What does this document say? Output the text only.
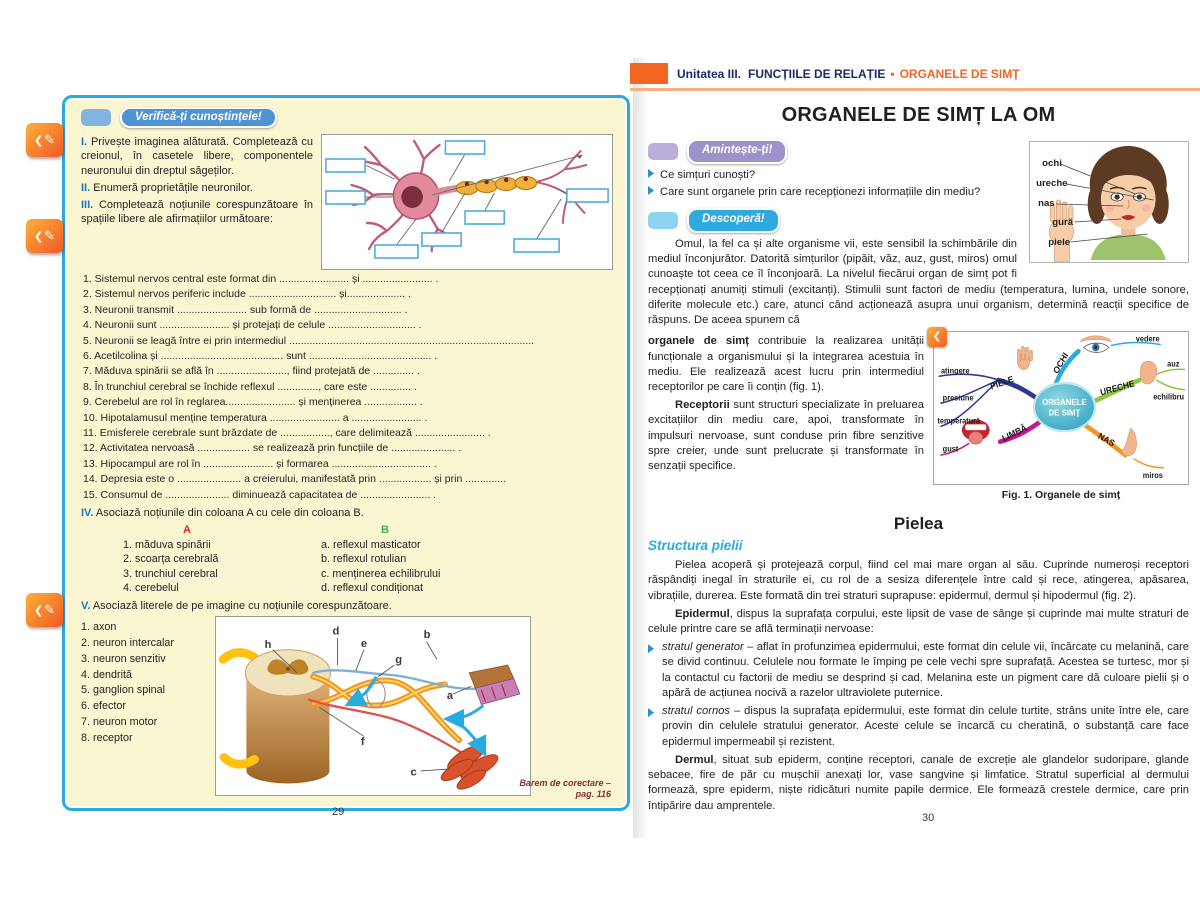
❮ ✎
❮ ✎
❮ ✎
Verifică-ți cunoștințele!

I. Privește imaginea alăturată. Completează cu creionul, în casetele libere, componentele neuronului din dreptul săgeților.

II. Enumeră proprietățile neuronilor.

III. Completează noțiunile corespunzătoare în spațiile libere ale afirmațiilor următoare:

1. Sistemul nervos central este format din ........................ și ........................ .
2. Sistemul nervos periferic include .............................. și.................... .
3. Neuronii transmit ........................ sub formă de .............................. .
4. Neuronii sunt ........................ și protejați de celule .............................. .
5. Neuronii se leagă între ei prin intermediul ....................................................................................
6. Acetilcolina și .......................................... sunt .......................................... .
7. Măduva spinării se află în ........................, fiind protejată de .............. .
8. În trunchiul cerebral se închide reflexul .............., care este .............. .
9. Cerebelul are rol în reglarea........................ și menținerea .................. .
10. Hipotalamusul menține temperatura ........................ a ........................ .
11. Emisferele cerebrale sunt brăzdate de ................., care delimitează ........................ .
12. Activitatea nervoasă .................. se realizează prin funcțiile de ...................... .
13. Hipocampul are rol în ........................ și formarea .................................. .
14. Depresia este o ...................... a creierului, manifestată prin .................. și prin ..............
15. Consumul de ...................... diminuează capacitatea de ........................ .

IV. Asociază noțiunile din coloana A cu cele din coloana B.

A
1. măduva spinării
2. scoarța cerebrală
3. trunchiul cerebral
4. cerebelul
B
a. reflexul masticator
b. reflexul rotulian
c. menținerea echilibrului
d. reflexul condiționat

V. Asociază literele de pe imagine cu noțiunile corespunzătoare.

1. axon
2. neuron intercalar
3. neuron senzitiv
4. dendrită
5. ganglion spinal
6. efector
7. neuron motor
8. receptor
a
b
c
d
e
f
g
h
Barem de corectare –
pag. 116
29
Unitatea III. FUNCȚIILE DE RELAȚIE • ORGANELE DE SIMȚ
ORGANELE DE SIMȚ LA OM
ochi
ureche
nas
gură
piele
Amintește-ți!

Ce simțuri cunoști?

Care sunt organele prin care recepționezi informațiile din mediu?

Descoperă!

Omul, la fel ca și alte organisme vii, este sensibil la schimbările din mediul înconjurător. Datorită simțurilor (pipăit, văz, auz, gust, miros) omul cunoaște tot ceea ce îl înconjoară. La nivelul fiecărui organ de simț pot fi recepționați anumiți stimuli (excitanți). Stimulii sunt factori de mediu (temperatura, lumina, undele sonore, diferite molecule etc.) care, atunci când acționează asupra unui organism, determină reacții specifice de răspuns. De aceea spunem că

organele de simț contribuie la realizarea unității funcționale a organismului și la integrarea acestuia în mediu. Ele realizează acest lucru prin intermediul receptorilor pe care îi conțin (fig. 1).

Receptorii sunt structuri specializate în preluarea excitațiilor din mediu care, apoi, transformate în impulsuri nervoase, sunt conduse prin fibre senzitive spre creier, unde sunt prelucrate și transformate în senzații specifice.

❮
ORGANELE
DE SIMȚ
PIELE
OCHI
URECHE
NAS
LIMBĂ
atingere
presiune
temperatură
vedere
auz
echilibru
miros
gust
Fig. 1. Organele de simț
Pielea
Structura pielii

Pielea acoperă și protejează corpul, fiind cel mai mare organ al său. Cuprinde numeroși receptori răspândiți inegal în straturile ei, cu rol de a sesiza diferențele între cald și rece, atingerea, apăsarea, vibrațiile, durerea. Este formată din trei straturi suprapuse: epidermul, dermul și hipodermul (fig. 2).

Epidermul, dispus la suprafața corpului, este lipsit de vase de sânge și cuprinde mai multe straturi de celule printre care se află terminații nervoase:

stratul generator – aflat în profunzimea epidermului, este format din celule vii, încărcate cu melanină, care se divid continuu. Celulele nou formate le împing pe cele vechi spre suprafață. Acestea se turtesc, mor și la contactul cu factorii de mediu se desprind și cad. Melanina este un pigment care dă culoare pielii și o apără de acțiunea nocivă a razelor ultraviolete puternice.

stratul cornos – dispus la suprafața epidermului, este format din celule turtite, strâns unite între ele, care provin din celulele stratului generator. Aceste celule se încarcă cu cheratină, o substanță care face epidermul impermeabil și rezistent.

Dermul, situat sub epiderm, conține receptori, canale de excreție ale glandelor sudoripare, glande sebacee, fire de păr cu mușchii anexați lor, vase sangvine și limfatice. Stratul superficial al dermului formează, spre epiderm, niște ridicături numite papile dermice. Ele formează crestele dermice, care prin întipărire dau amprentele.

30
